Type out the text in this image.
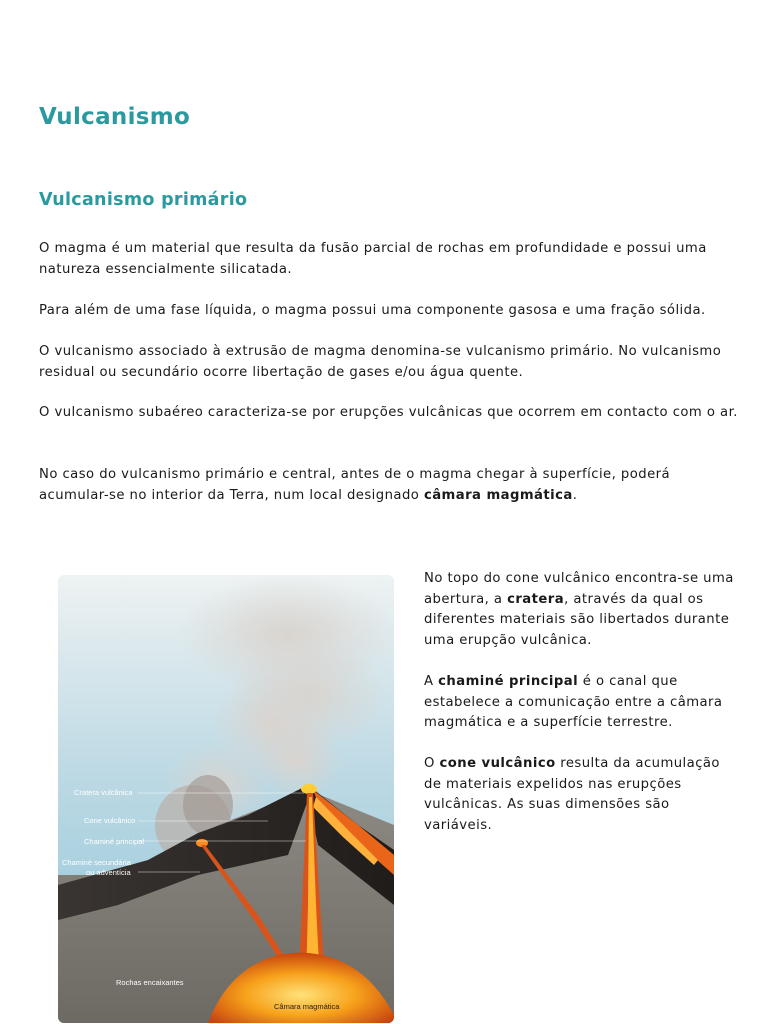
Vulcanismo
Vulcanismo primário

O magma é um material que resulta da fusão parcial de rochas em profundidade e possui uma natureza essencialmente silicatada.

Para além de uma fase líquida, o magma possui uma componente gasosa e uma fração sólida.

O vulcanismo associado à extrusão de magma denomina-se vulcanismo primário. No vulcanismo residual ou secundário ocorre libertação de gases e/ou água quente.

O vulcanismo subaéreo caracteriza-se por erupções vulcânicas que ocorrem em contacto com o ar.

No caso do vulcanismo primário e central, antes de o magma chegar à superfície, poderá acumular-se no interior da Terra, num local designado câmara magmática.

No topo do cone vulcânico encontra-se uma abertura, a cratera, através da qual os diferentes materiais são libertados durante uma erupção vulcânica.

A chaminé principal é o canal que estabelece a comunicação entre a câmara magmática e a superfície terrestre.

O cone vulcânico resulta da acumulação de materiais expelidos nas erupções vulcânicas. As suas dimensões são variáveis.

Cratera vulcânica
Cone vulcânico
Chaminé principal
Chaminé secundária
ou adventícia
Rochas encaixantes
Câmara magmática
